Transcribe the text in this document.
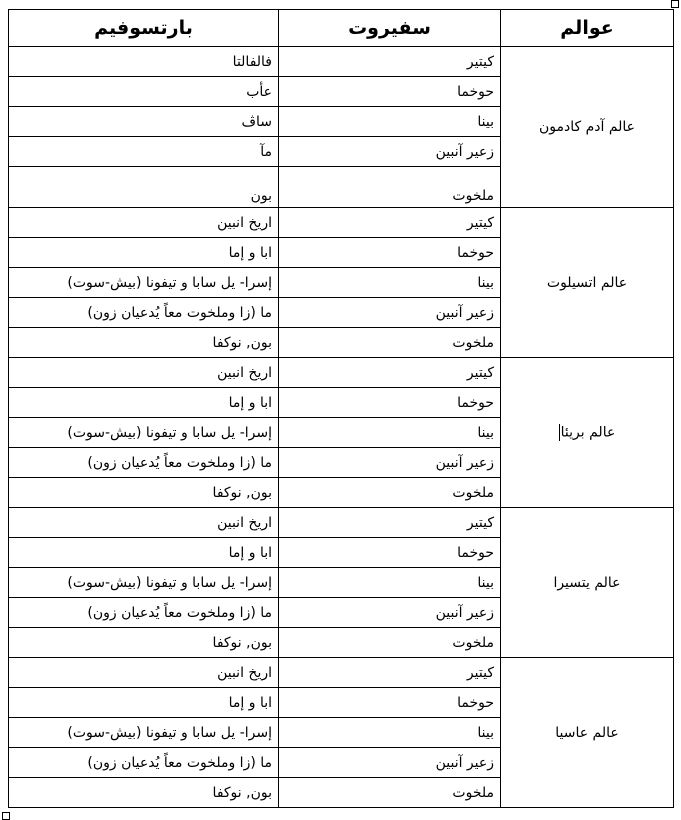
عوالم	سفيروت	بارتسوفيم
عالم آدم كادمون	كيتير	فالفالتا
	حوخما	عأب
	بينا	ساڤ
	زعير آنبين	مآ
	ملخوت	بون
عالم اتسيلوت	كيتير	اريخ انبين
	حوخما	ابا و إما
	بينا	إسرا- يل سابا و تيفونا (بيش-سوت)
	زعير آنبين	ما (زا وملخوت معاً يُدعيان زون)
	ملخوت	بون, نوكفا
عالم بريئا	كيتير	اريخ انبين
	حوخما	ابا و إما
	بينا	إسرا- يل سابا و تيفونا (بيش-سوت)
	زعير آنبين	ما (زا وملخوت معاً يُدعيان زون)
	ملخوت	بون, نوكفا
عالم يتسيرا	كيتير	اريخ انبين
	حوخما	ابا و إما
	بينا	إسرا- يل سابا و تيفونا (بيش-سوت)
	زعير آنبين	ما (زا وملخوت معاً يُدعيان زون)
	ملخوت	بون, نوكفا
عالم عاسيا	كيتير	اريخ انبين
	حوخما	ابا و إما
	بينا	إسرا- يل سابا و تيفونا (بيش-سوت)
	زعير آنبين	ما (زا وملخوت معاً يُدعيان زون)
	ملخوت	بون, نوكفا
